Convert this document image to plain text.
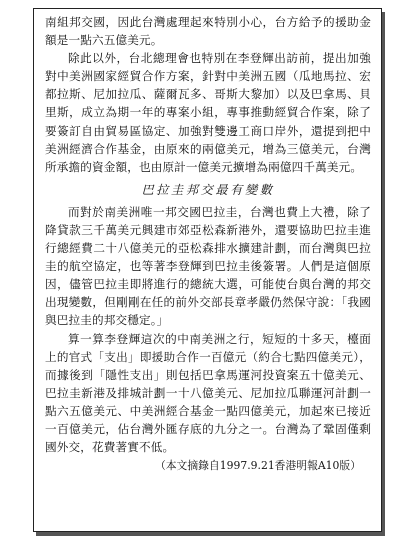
南組邦交國，因此台灣處理起來特別小心，台方給予的援助金額是一點六五億美元。

除此以外，台北總理會也特別在李登輝出訪前，提出加強對中美洲國家經貿合作方案，針對中美洲五國（瓜地馬拉、宏都拉斯、尼加拉瓜、薩爾瓦多、哥斯大黎加）以及巴拿馬、貝里斯，成立為期一年的專案小組，專事推動經貿合作案，除了要簽訂自由貿易區協定、加強對雙邊工商口岸外，還提到把中美洲經濟合作基金，由原來的兩億美元，增為三億美元，台灣所承擔的資金額，也由原計一億美元擴增為兩億四千萬美元。

巴拉圭邦交最有變數

而對於南美洲唯一邦交國巴拉圭，台灣也費上大禮，除了降貸款三千萬美元興建市郊亞松森新港外，還要協助巴拉圭進行總經費二十八億美元的亞松森排水擴建計劃，而台灣與巴拉圭的航空協定，也等著李登輝到巴拉圭後簽署。人們是這個原因，儘管巴拉圭即將進行的總統大選，可能使台與台灣的邦交出現變數，但剛剛在任的前外交部長章孝嚴仍然保守說：「我國與巴拉圭的邦交穩定。」

算一算李登輝這次的中南美洲之行，短短的十多天，檯面上的官式「支出」即援助合作一百億元（約合七點四億美元），而據後到「隱性支出」則包括巴拿馬運河投資案五十億美元、巴拉圭新港及排城計劃一十八億美元、尼加拉瓜聯運河計劃一點六五億美元、中美洲經合基金一點四億美元，加起來已接近一百億美元，佔台灣外匯存底的九分之一。台灣為了鞏固僅剩國外交，花費著實不低。

（本文摘錄自1997.9.21香港明報A10版）
